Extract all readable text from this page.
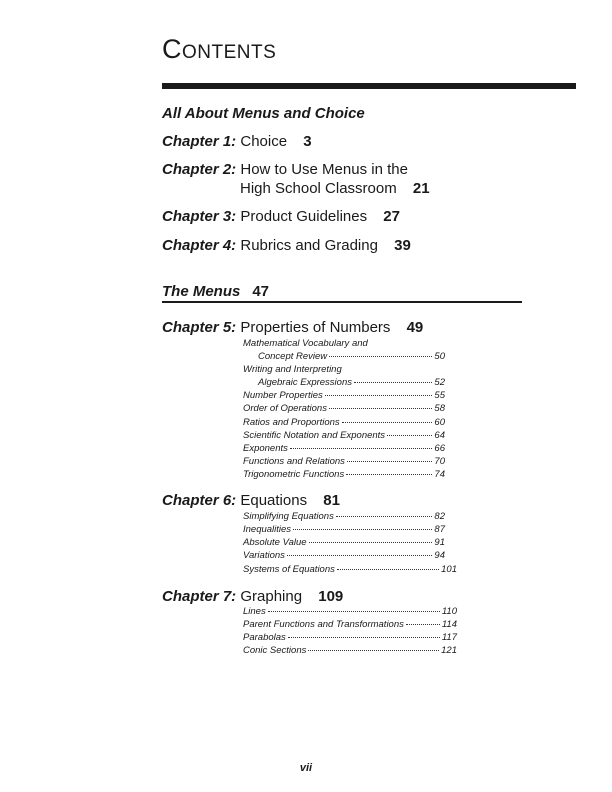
Contents
All About Menus and Choice
Chapter 1: Choice 3
Chapter 2: How to Use Menus in the
High School Classroom 21
Chapter 3: Product Guidelines 27
Chapter 4: Rubrics and Grading 39
The Menus 47
Chapter 5: Properties of Numbers 49
Mathematical Vocabulary and
Concept Review	50
Writing and Interpreting
Algebraic Expressions	52
Number Properties	55
Order of Operations	58
Ratios and Proportions	60
Scientific Notation and Exponents	64
Exponents	66
Functions and Relations	70
Trigonometric Functions	74
Chapter 6: Equations 81
Simplifying Equations	82
Inequalities	87
Absolute Value	91
Variations	94
Systems of Equations	101
Chapter 7: Graphing 109
Lines	110
Parent Functions and Transformations	114
Parabolas	117
Conic Sections	121
vii
